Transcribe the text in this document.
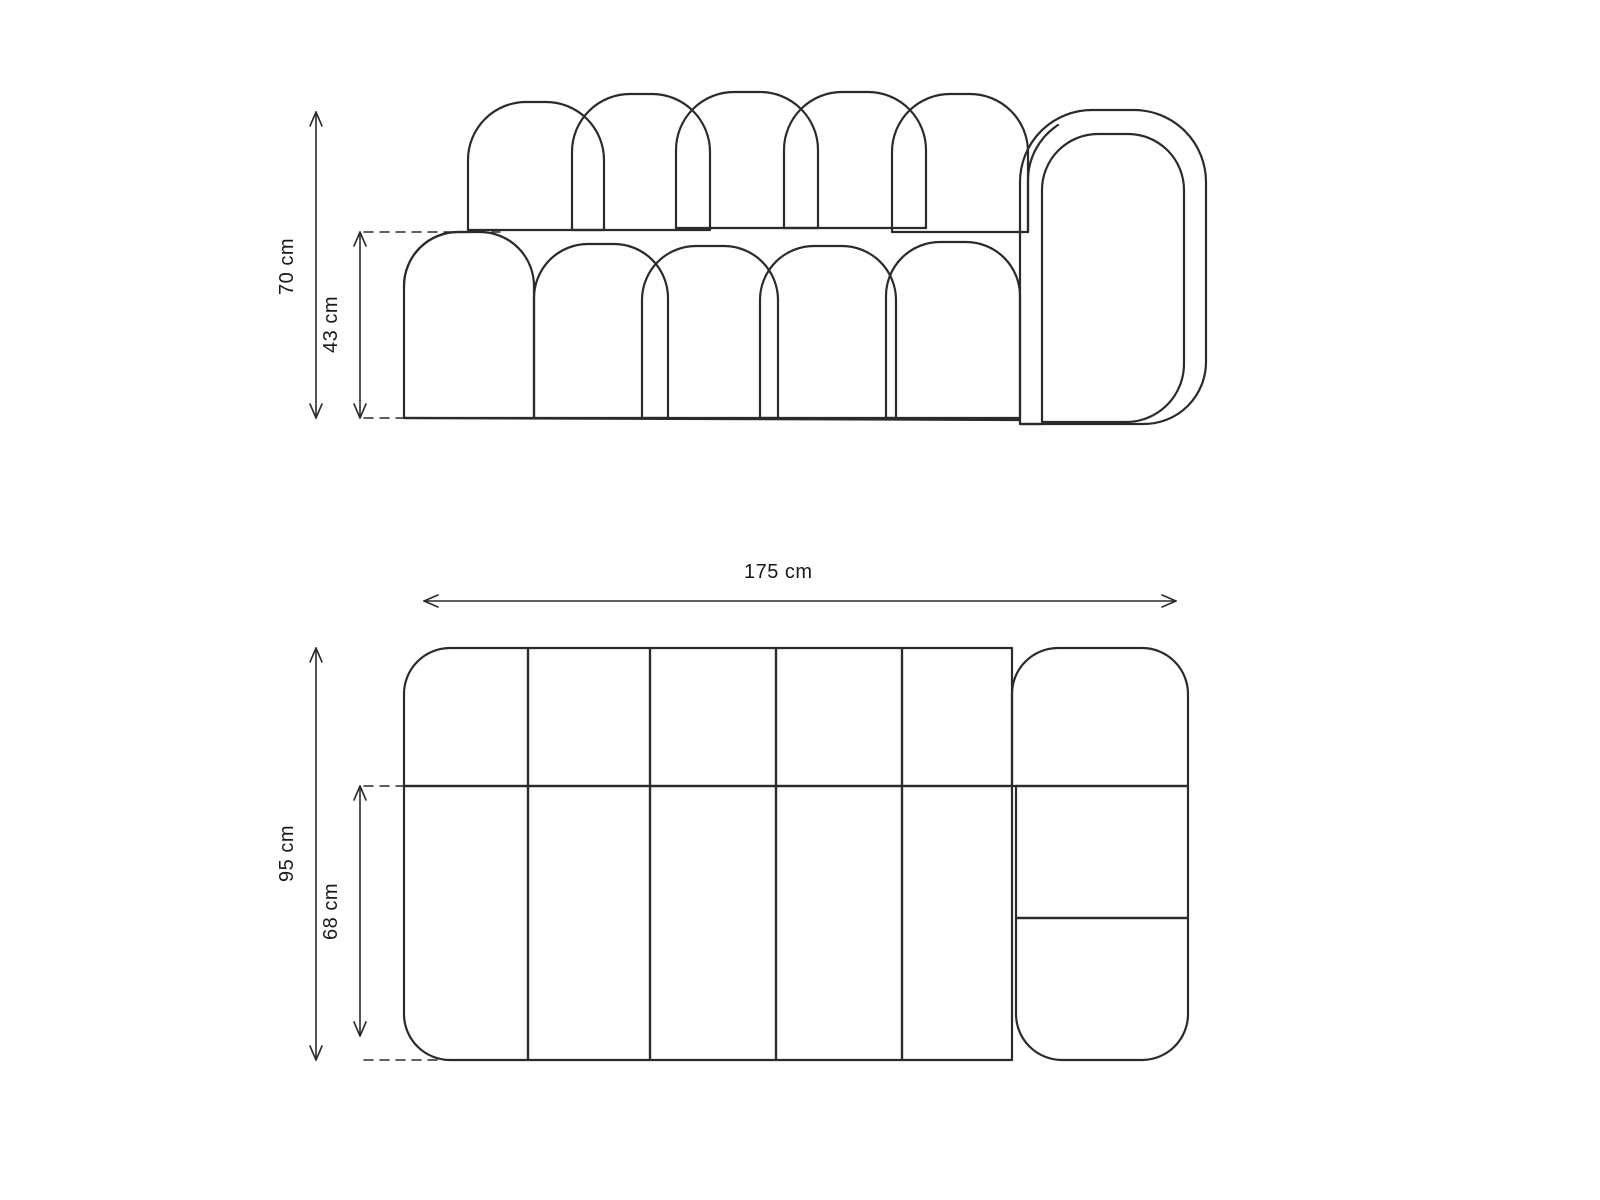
70 cm
43 cm
175 cm
95 cm
68 cm
